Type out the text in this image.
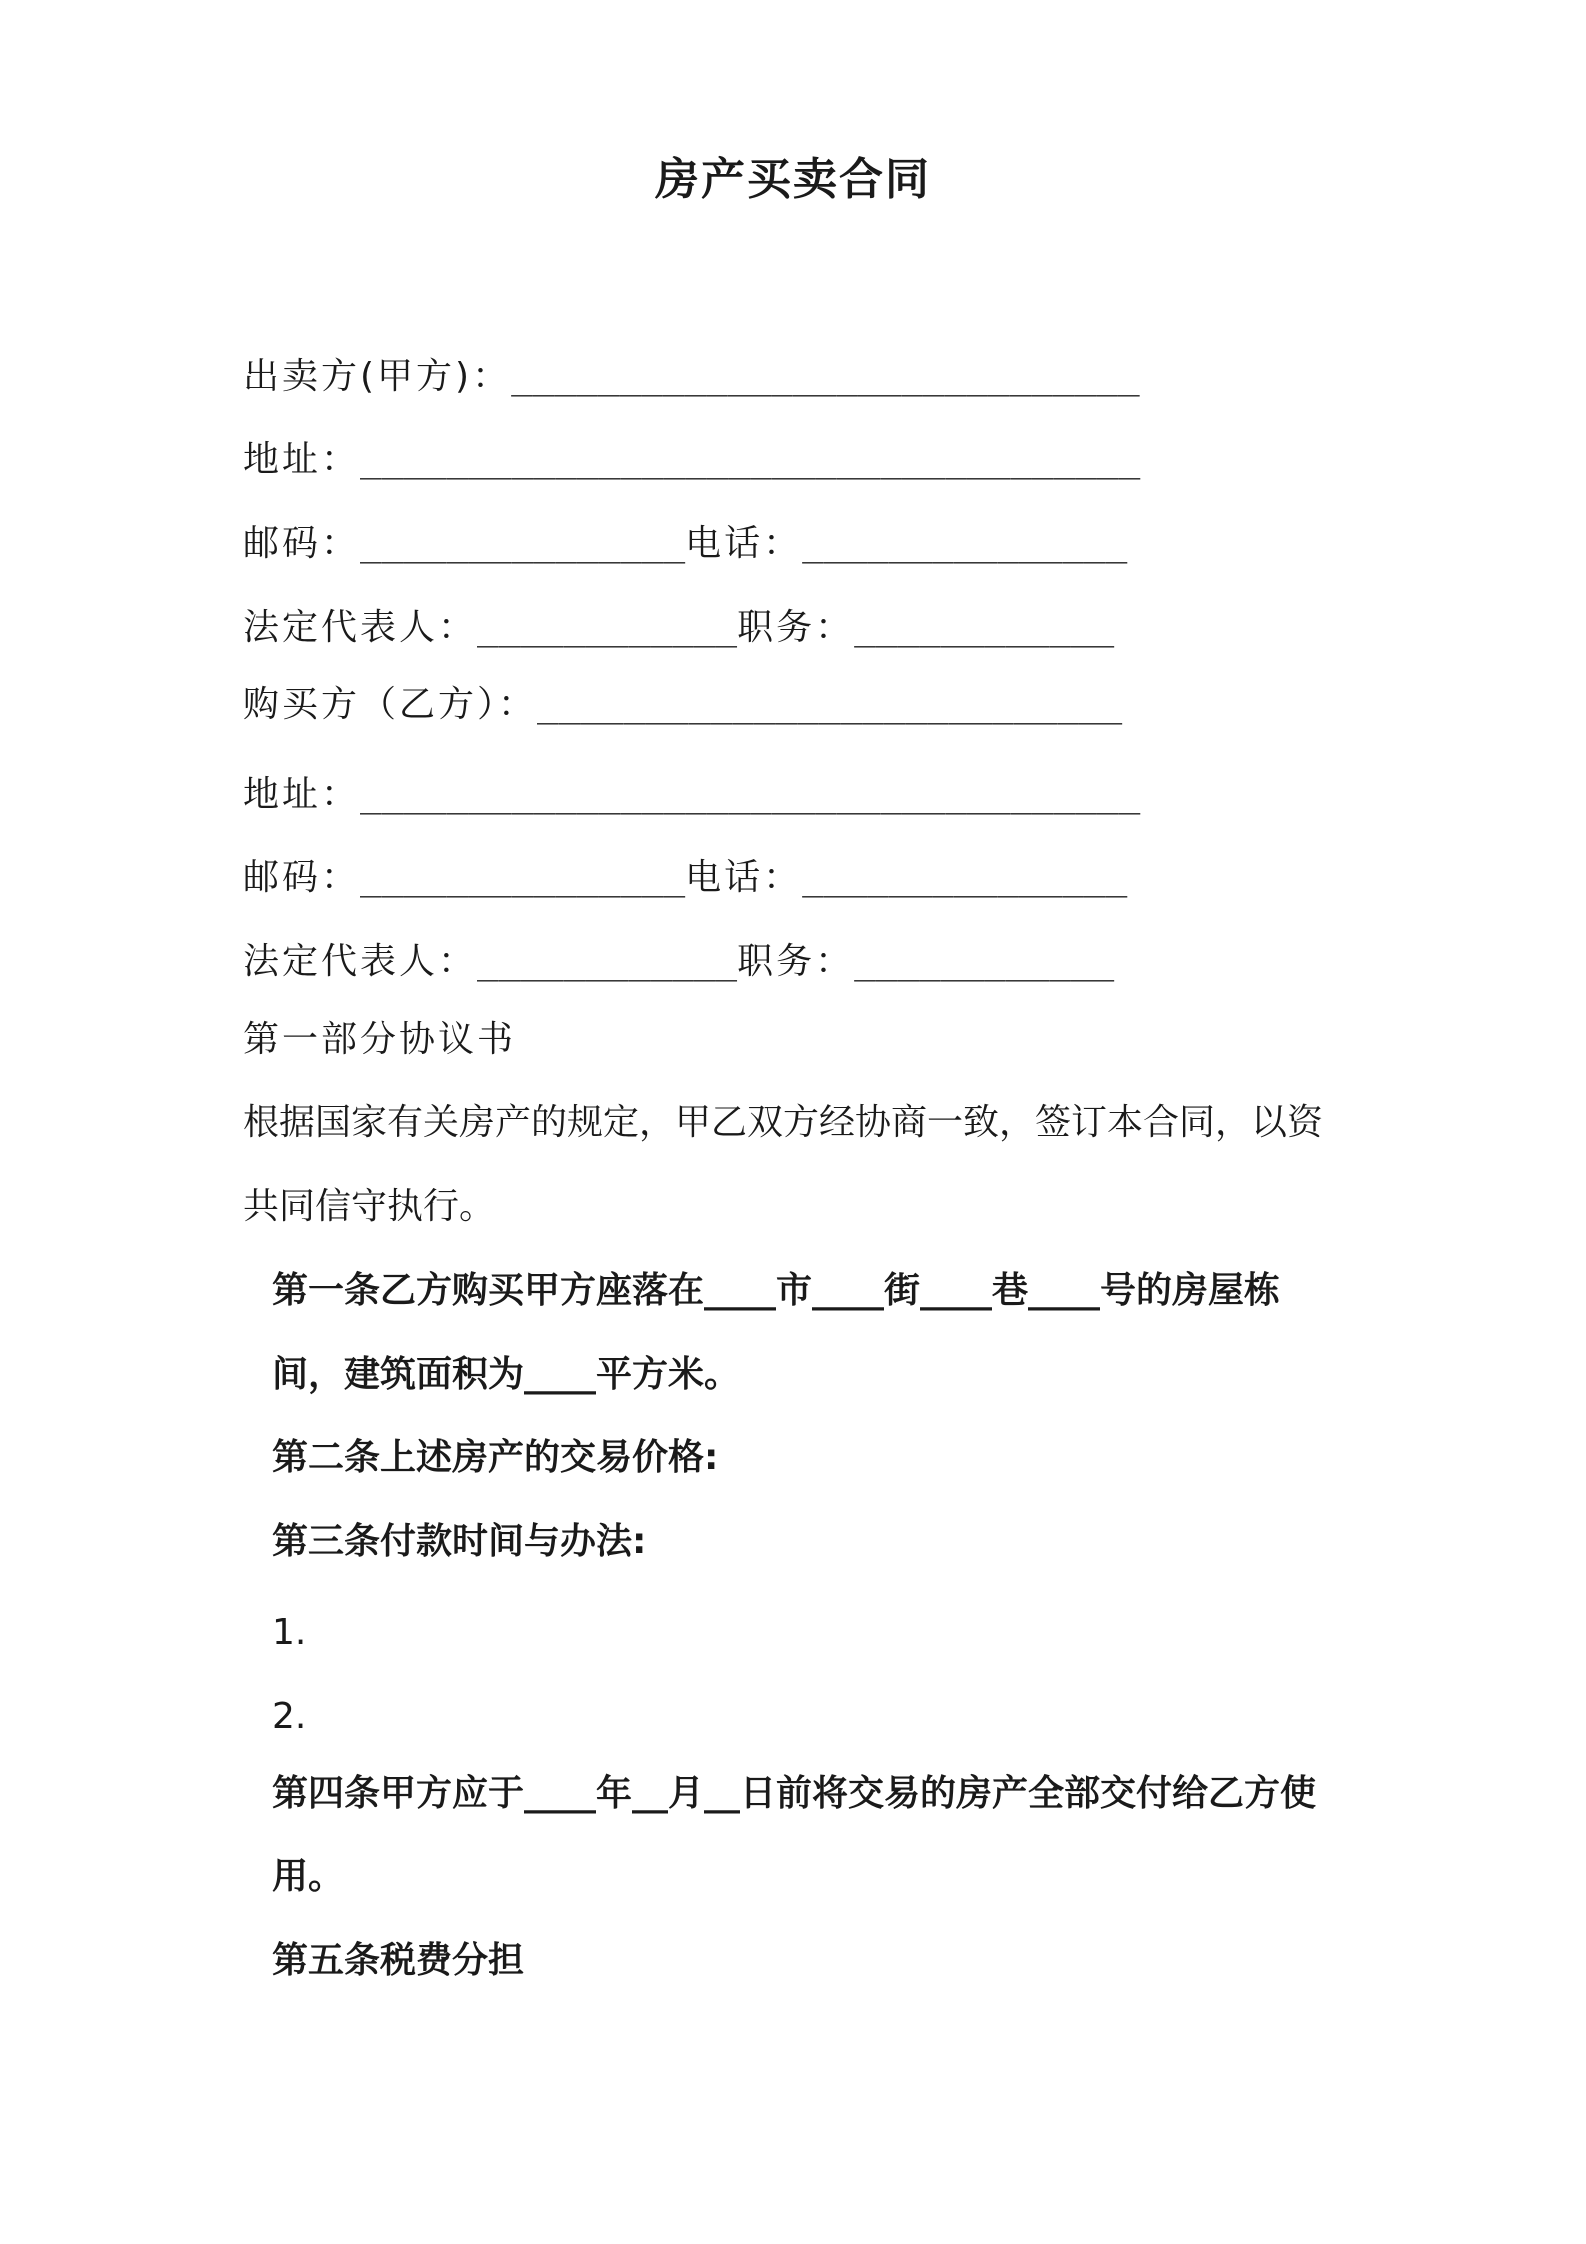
房产买卖合同
出卖方(甲方)：_____________________________
地址：____________________________________
邮码：_______________电话：_______________
法定代表人：____________职务：____________
购买方（乙方）：___________________________
地址：____________________________________
邮码：_______________电话：_______________
法定代表人：____________职务：____________
第一部分协议书
根据国家有关房产的规定，甲乙双方经协商一致，签订本合同，以资
共同信守执行。
第一条乙方购买甲方座落在____市____街____巷____号的房屋栋
间，建筑面积为____平方米。
第二条上述房产的交易价格:
第三条付款时间与办法:
1.
2.
第四条甲方应于____年__月__日前将交易的房产全部交付给乙方使
用。
第五条税费分担
